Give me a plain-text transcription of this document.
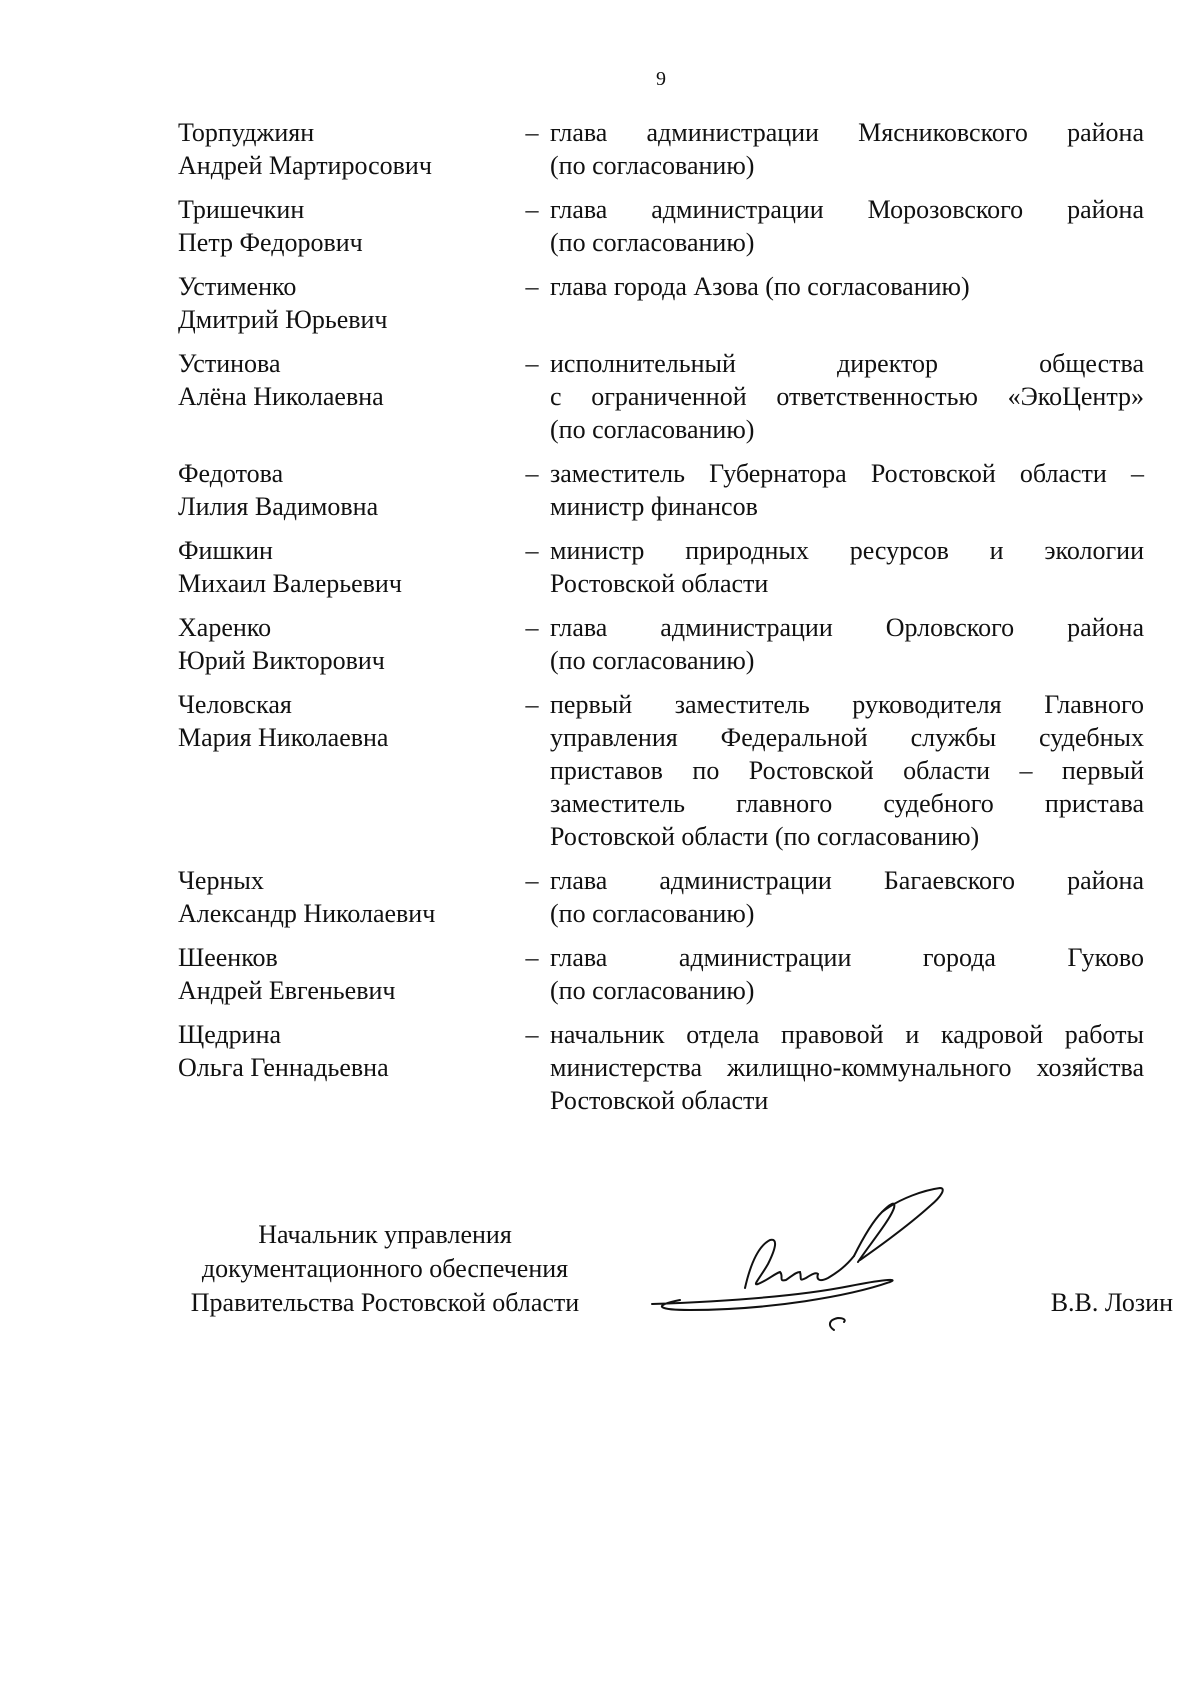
9
Торпуджиян
Андрей Мартиросович
– глава администрации Мясниковского района
(по согласованию)
Тришечкин
Петр Федорович
– глава администрации Морозовского района
(по согласованию)
Устименко
Дмитрий Юрьевич
– глава города Азова (по согласованию)
Устинова
Алёна Николаевна
– исполнительный директор общества
с ограниченной ответственностью «ЭкоЦентр»
(по согласованию)
Федотова
Лилия Вадимовна
– заместитель Губернатора Ростовской области –
министр финансов
Фишкин
Михаил Валерьевич
– министр природных ресурсов и экологии
Ростовской области
Харенко
Юрий Викторович
– глава администрации Орловского района
(по согласованию)
Человская
Мария Николаевна
– первый заместитель руководителя Главного
управления Федеральной службы судебных
приставов по Ростовской области – первый
заместитель главного судебного пристава
Ростовской области (по согласованию)
Черных
Александр Николаевич
– глава администрации Багаевского района
(по согласованию)
Шеенков
Андрей Евгеньевич
– глава администрации города Гуково
(по согласованию)
Щедрина
Ольга Геннадьевна
– начальник отдела правовой и кадровой работы
министерства жилищно-коммунального хозяйства
Ростовской области
Начальник управления
документационного обеспечения
Правительства Ростовской области	В.В. Лозин
